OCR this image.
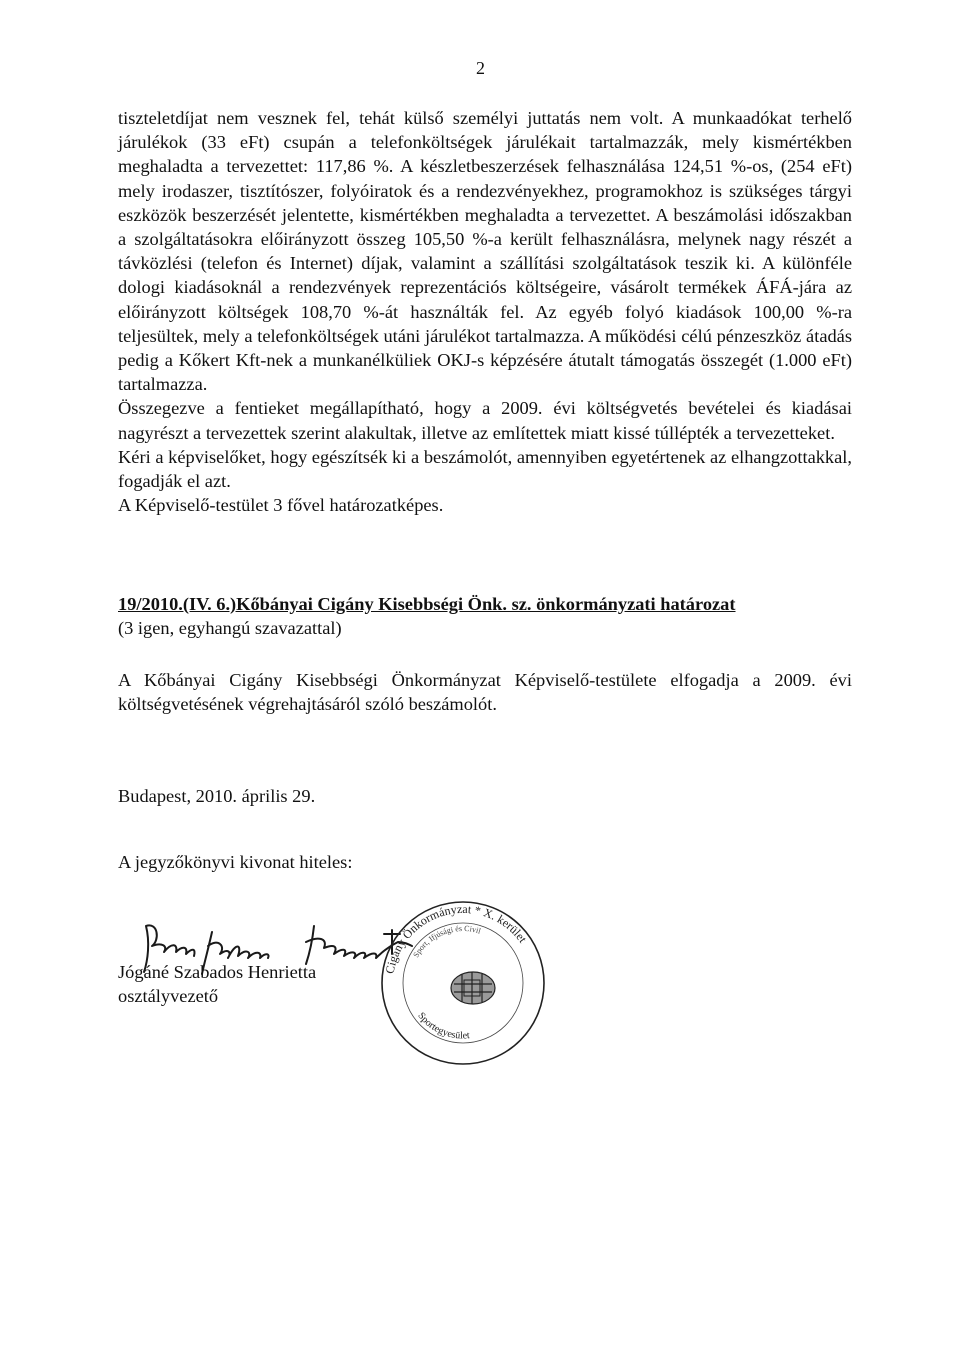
2

tiszteletdíjat nem vesznek fel, tehát külső személyi juttatás nem volt. A munkaadókat terhelő járulékok (33 eFt) csupán a telefonköltségek járulékait tartalmazzák, mely kismértékben meghaladta a tervezettet: 117,86 %. A készletbeszerzések felhasználása 124,51 %-os, (254 eFt) mely irodaszer, tisztítószer, folyóiratok és a rendezvényekhez, programokhoz is szükséges tárgyi eszközök beszerzését jelentette, kismértékben meghaladta a tervezettet. A beszámolási időszakban a szolgáltatásokra előirányzott összeg 105,50 %-a került felhasználásra, melynek nagy részét a távközlési (telefon és Internet) díjak, valamint a szállítási szolgáltatások teszik ki. A különféle dologi kiadásoknál a rendezvények reprezentációs költségeire, vásárolt termékek ÁFÁ-jára az előirányzott költségek 108,70 %-át használták fel. Az egyéb folyó kiadások 100,00 %-ra teljesültek, mely a telefonköltségek utáni járulékot tartalmazza. A működési célú pénzeszköz átadás pedig a Kőkert Kft-nek a munkanélküliek OKJ-s képzésére átutalt támogatás összegét (1.000 eFt) tartalmazza.

Összegezve a fentieket megállapítható, hogy a 2009. évi költségvetés bevételei és kiadásai nagyrészt a tervezettek szerint alakultak, illetve az említettek miatt kissé túllépték a tervezetteket.

Kéri a képviselőket, hogy egészítsék ki a beszámolót, amennyiben egyetértenek az elhangzottakkal, fogadják el azt.

A Képviselő-testület 3 fővel határozatképes.

19/2010.(IV. 6.)Kőbányai Cigány Kisebbségi Önk. sz. önkormányzati határozat
(3 igen, egyhangú szavazattal)
A Kőbányai Cigány Kisebbségi Önkormányzat Képviselő-testülete elfogadja a 2009. évi költségvetésének végrehajtásáról szóló beszámolót.
Budapest, 2010. április 29.
A jegyzőkönyvi kivonat hiteles:
Jógáné Szabados Henrietta
osztályvezető
Cigány Önkormányzat * X. kerület
Sport, Ifjúsági és Civil
Sportegyesület
